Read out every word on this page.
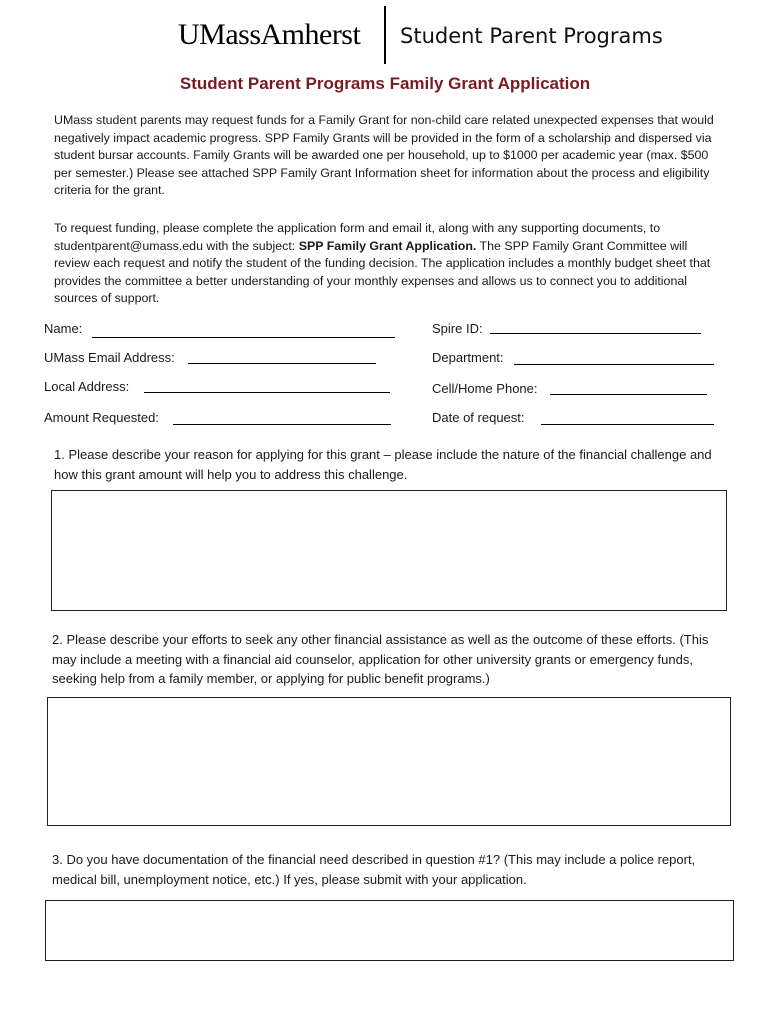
UMassAmherst Student Parent Programs
Student Parent Programs Family Grant Application

UMass student parents may request funds for a Family Grant for non-child care related unexpected expenses that would negatively impact academic progress. SPP Family Grants will be provided in the form of a scholarship and dispersed via student bursar accounts. Family Grants will be awarded one per household, up to $1000 per academic year (max. $500 per semester.) Please see attached SPP Family Grant Information sheet for information about the process and eligibility criteria for the grant.

To request funding, please complete the application form and email it, along with any supporting documents, to studentparent@umass.edu with the subject: SPP Family Grant Application. The SPP Family Grant Committee will review each request and notify the student of the funding decision. The application includes a monthly budget sheet that provides the committee a better understanding of your monthly expenses and allows us to connect you to additional sources of support.

Name:	Spire ID:
UMass Email Address:	Department:
Local Address:	Cell/Home Phone:
Amount Requested:	Date of request:

1. Please describe your reason for applying for this grant – please include the nature of the financial challenge and how this grant amount will help you to address this challenge.

2. Please describe your efforts to seek any other financial assistance as well as the outcome of these efforts. (This may include a meeting with a financial aid counselor, application for other university grants or emergency funds, seeking help from a family member, or applying for public benefit programs.)

3. Do you have documentation of the financial need described in question #1? (This may include a police report, medical bill, unemployment notice, etc.) If yes, please submit with your application.
